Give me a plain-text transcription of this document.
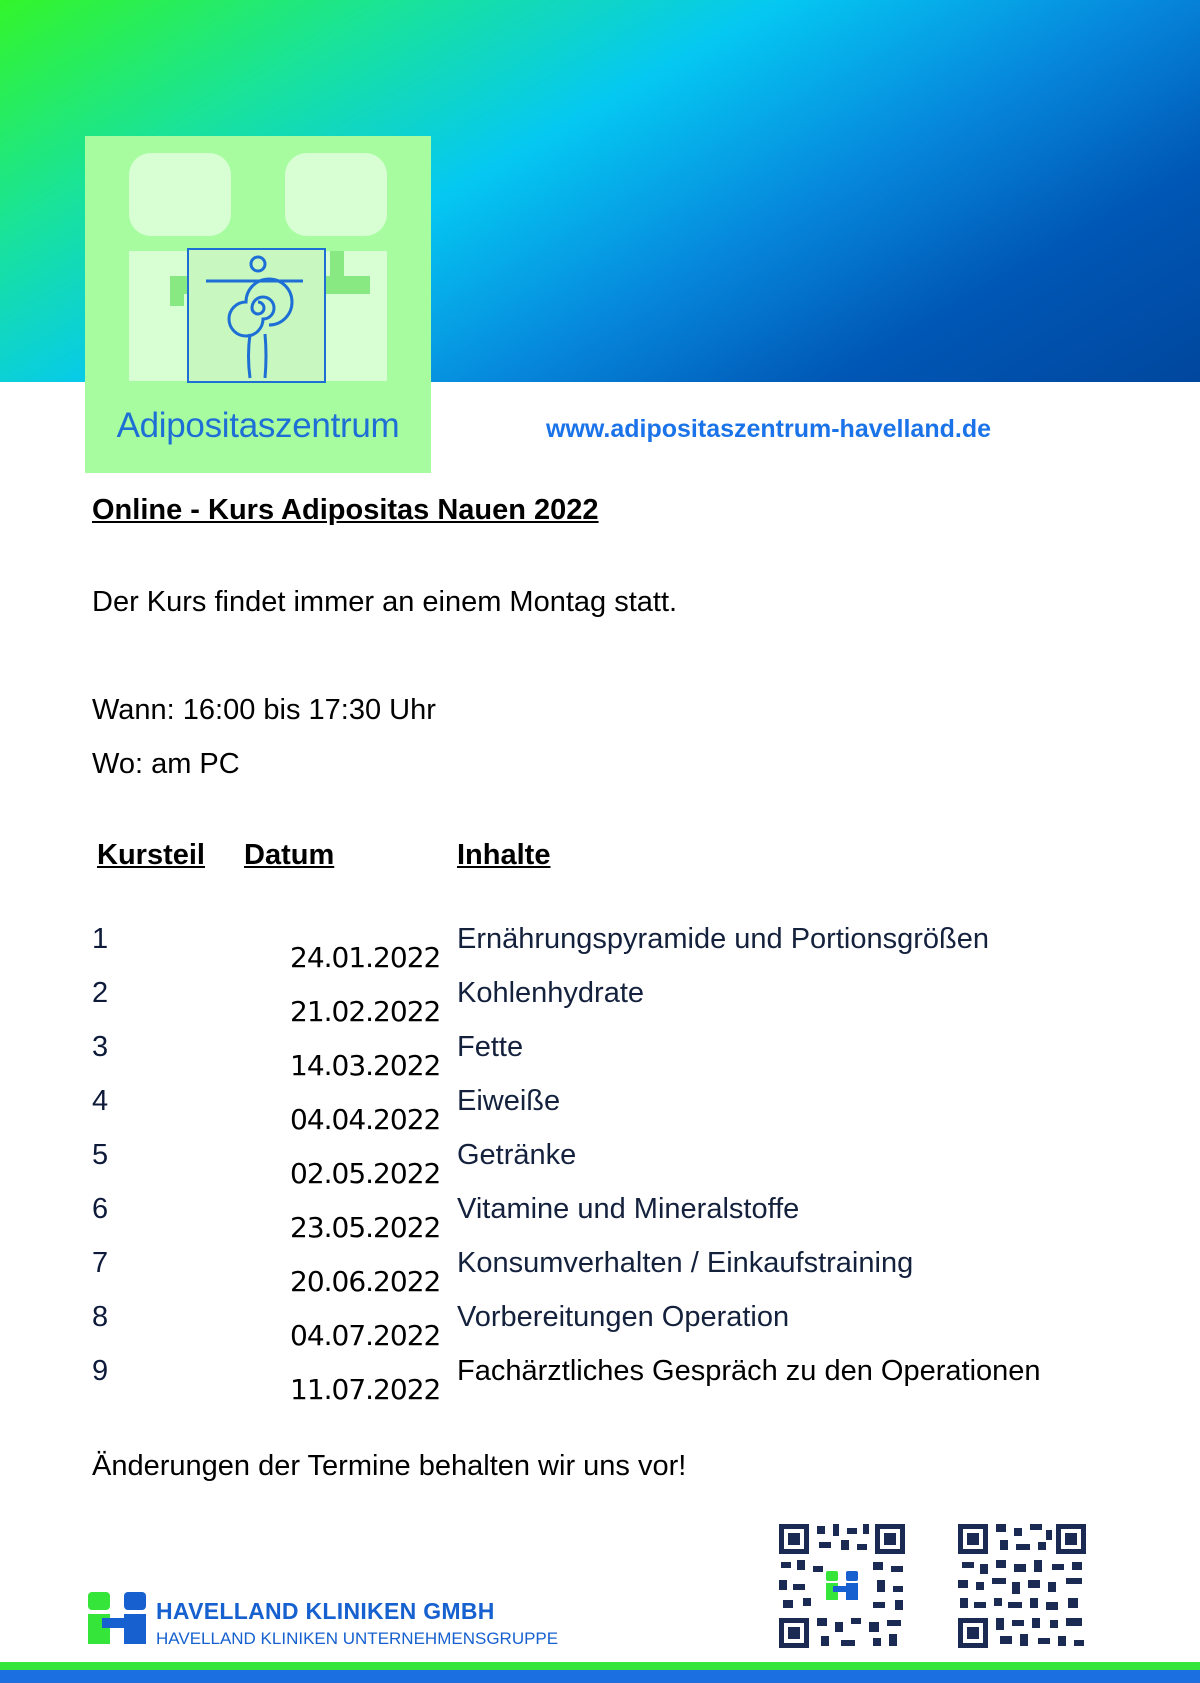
Adipositaszentrum	www.adipositaszentrum-havelland.de
Online - Kurs Adipositas Nauen 2022
Der Kurs findet immer an einem Montag statt.
Wann: 16:00 bis 17:30 Uhr
Wo: am PC
Kursteil Datum	Inhalte
1
24.01.2022
Ernährungspyramide und Portionsgrößen
2
21.02.2022
Kohlenhydrate
3
14.03.2022
Fette
4
04.04.2022
Eiweiße
5
02.05.2022
Getränke
6
23.05.2022
Vitamine und Mineralstoffe
7
20.06.2022
Konsumverhalten / Einkaufstraining
8
04.07.2022
Vorbereitungen Operation
9
11.07.2022
Fachärztliches Gespräch zu den Operationen
Änderungen der Termine behalten wir uns vor!
HAVELLAND KLINIKEN GMBH
HAVELLAND KLINIKEN UNTERNEHMENSGRUPPE
